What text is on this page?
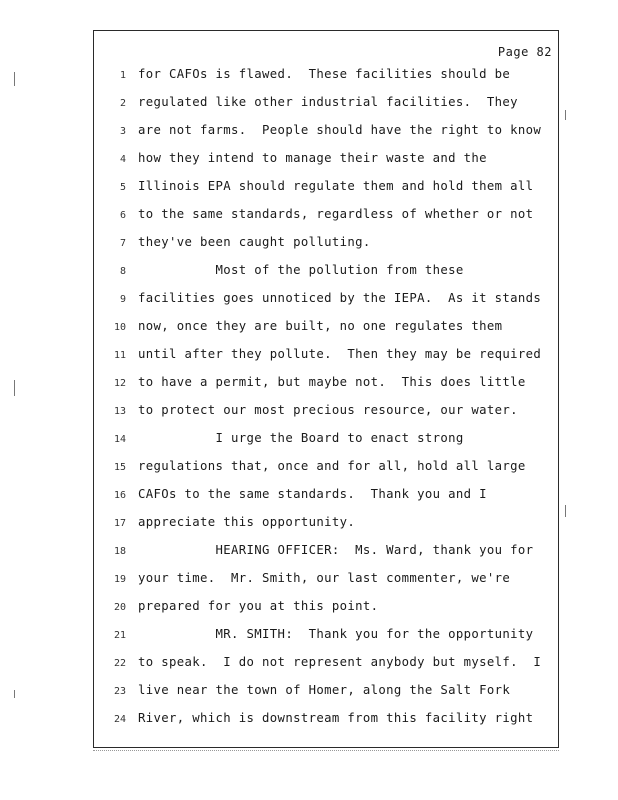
Page 82
1 for CAFOs is flawed.  These facilities should be
2 regulated like other industrial facilities.  They
3 are not farms.  People should have the right to know
4 how they intend to manage their waste and the
5 Illinois EPA should regulate them and hold them all
6 to the same standards, regardless of whether or not
7 they've been caught polluting.
8 Most of the pollution from these
9 facilities goes unnoticed by the IEPA.  As it stands
10 now, once they are built, no one regulates them
11 until after they pollute.  Then they may be required
12 to have a permit, but maybe not.  This does little
13 to protect our most precious resource, our water.
14 I urge the Board to enact strong
15 regulations that, once and for all, hold all large
16 CAFOs to the same standards.  Thank you and I
17 appreciate this opportunity.
18 HEARING OFFICER:  Ms. Ward, thank you for
19 your time.  Mr. Smith, our last commenter, we're
20 prepared for you at this point.
21 MR. SMITH:  Thank you for the opportunity
22 to speak.  I do not represent anybody but myself.  I
23 live near the town of Homer, along the Salt Fork
24 River, which is downstream from this facility right
